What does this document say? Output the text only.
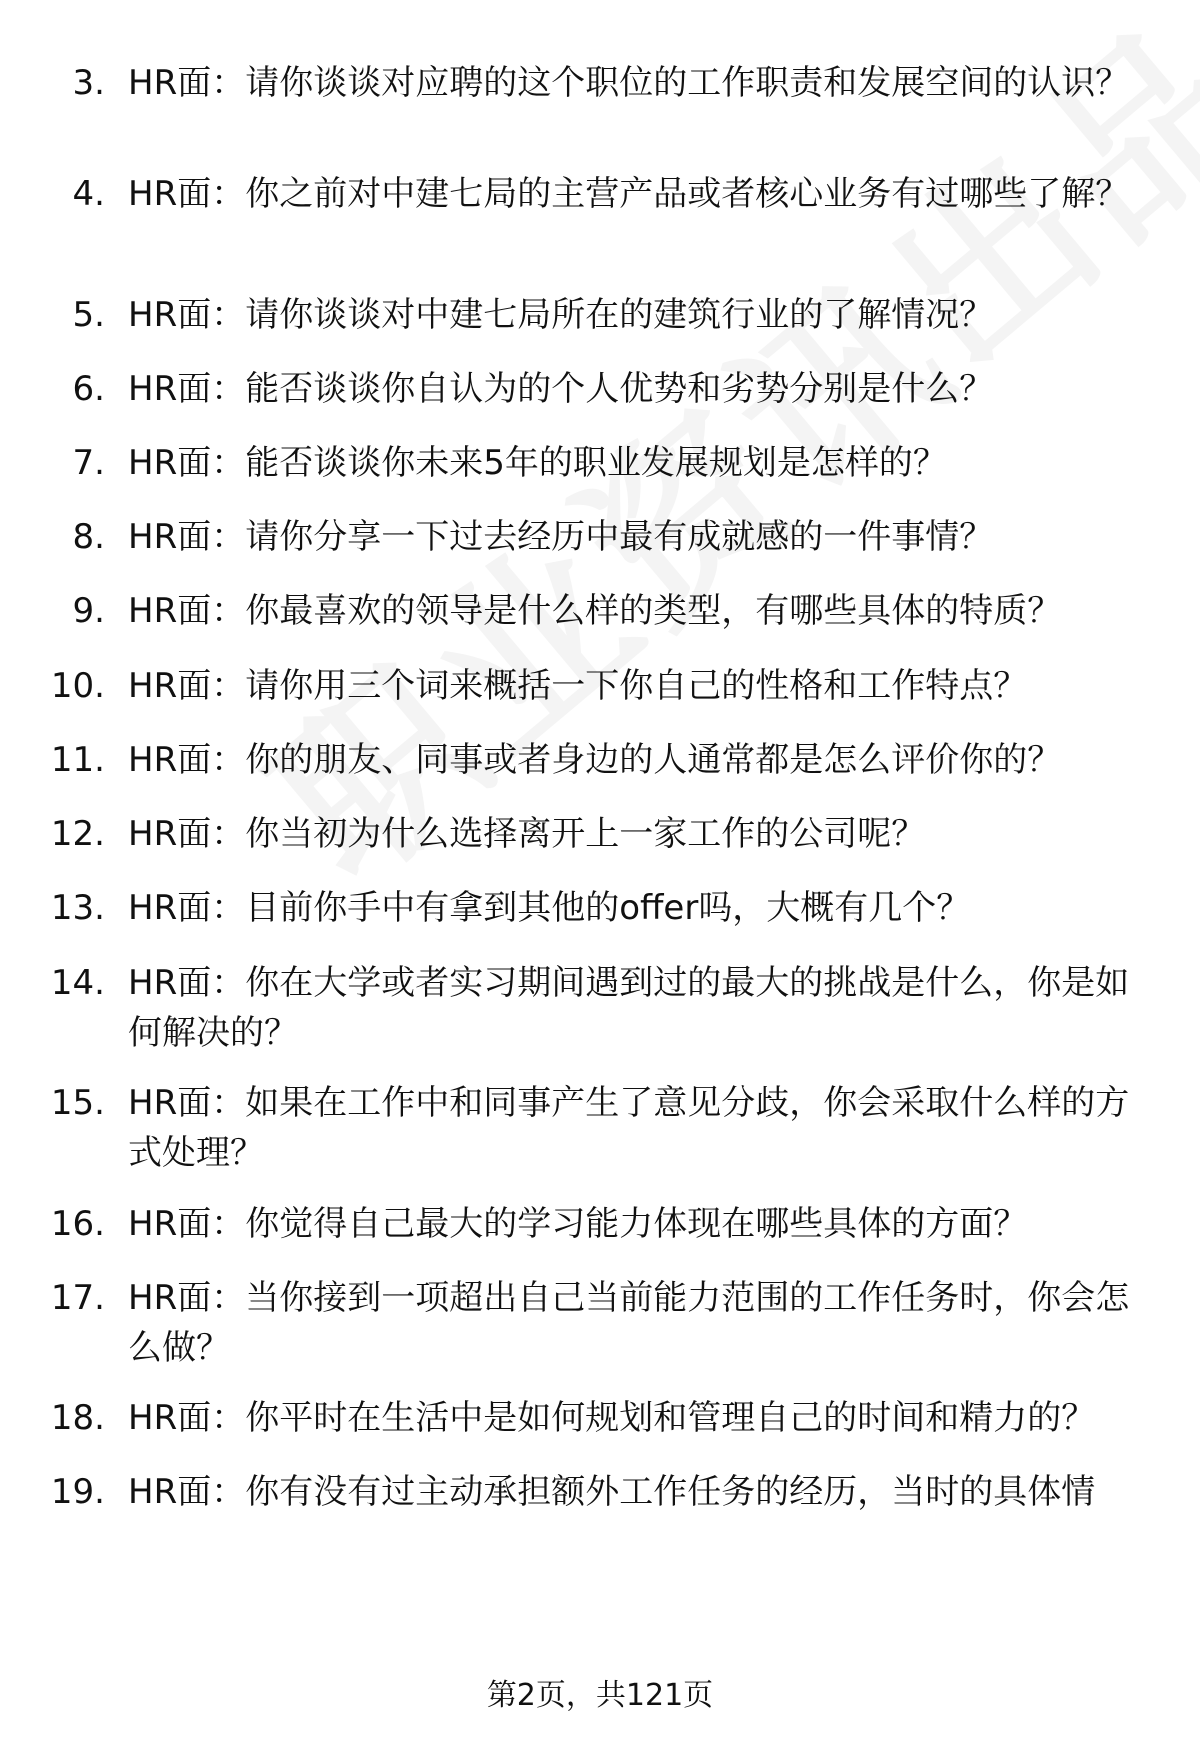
3. HR面：请你谈谈对应聘的这个职位的工作职责和发展空间的认识？
4. HR面：你之前对中建七局的主营产品或者核心业务有过哪些了解？
5. HR面：请你谈谈对中建七局所在的建筑行业的了解情况？
6. HR面：能否谈谈你自认为的个人优势和劣势分别是什么？
7. HR面：能否谈谈你未来5年的职业发展规划是怎样的？
8. HR面：请你分享一下过去经历中最有成就感的一件事情？
9. HR面：你最喜欢的领导是什么样的类型，有哪些具体的特质？
10. HR面：请你用三个词来概括一下你自己的性格和工作特点？
11. HR面：你的朋友、同事或者身边的人通常都是怎么评价你的？
12. HR面：你当初为什么选择离开上一家工作的公司呢？
13. HR面：目前你手中有拿到其他的offer吗，大概有几个？
14. HR面：你在大学或者实习期间遇到过的最大的挑战是什么，你是如何解决的？
15. HR面：如果在工作中和同事产生了意见分歧，你会采取什么样的方式处理？
16. HR面：你觉得自己最大的学习能力体现在哪些具体的方面？
17. HR面：当你接到一项超出自己当前能力范围的工作任务时，你会怎么做？
18. HR面：你平时在生活中是如何规划和管理自己的时间和精力的？
19. HR面：你有没有过主动承担额外工作任务的经历，当时的具体情
第2页，共121页
